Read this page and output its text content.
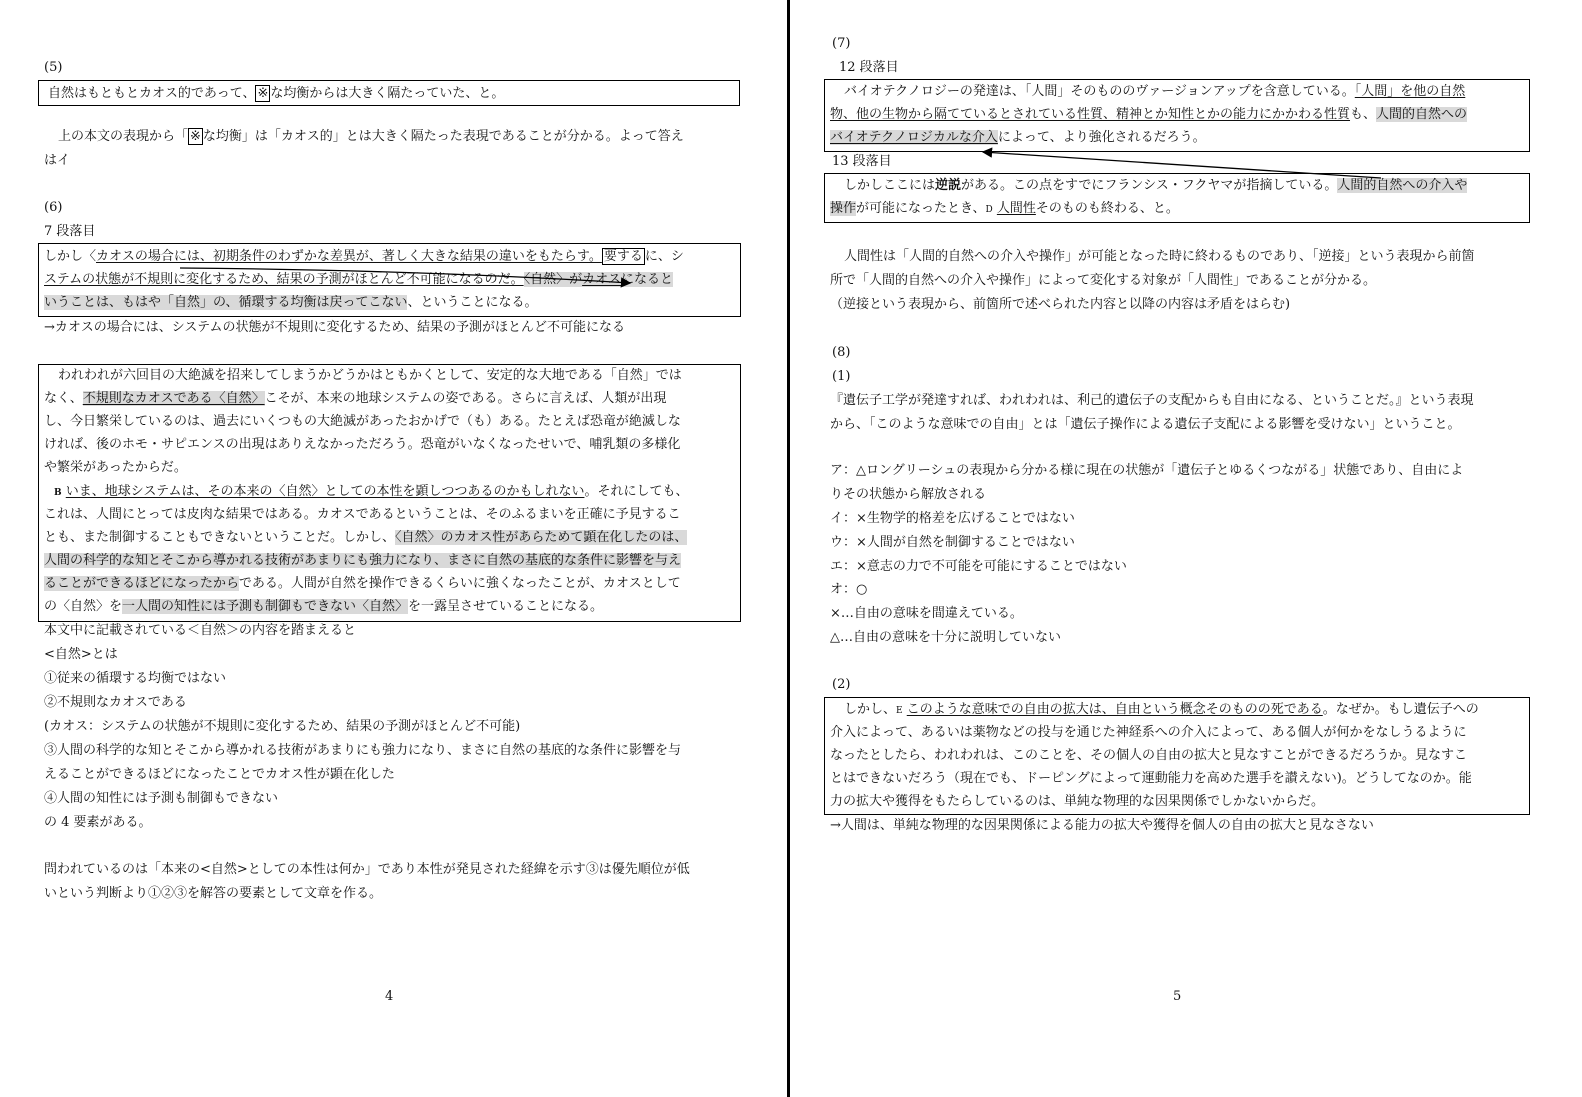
(5)

自然はもともとカオス的であって、 ※ な均衡からは大きく隔たっていた、と。

上の本文の表現から「 ※ な均衡」は「カオス的」とは大きく隔たった表現であることが分かる。よって答え

はイ

(6)

7 段落目

しかし〈カオスの場合には、初期条件のわずかな差異が、著しく大きな結果の違いをもたらす。 要する に、シ

ステムの状態が不規則に変化するため、結果の予測がほとんど不可能になるのだ。〈自然〉がカオスになると

いうことは、もはや「自然」の、循環する均衡は戻ってこない、ということになる。

→カオスの場合には、システムの状態が不規則に変化するため、結果の予測がほとんど不可能になる

われわれが六回目の大絶滅を招来してしまうかどうかはともかくとして、安定的な大地である「自然」では

なく、不規則なカオスである〈自然〉こそが、本来の地球システムの姿である。さらに言えば、人類が出現

し、今日繁栄しているのは、過去にいくつもの大絶滅があったおかげで（も）ある。たとえば恐竜が絶滅しな

ければ、後のホモ・サピエンスの出現はありえなかっただろう。恐竜がいなくなったせいで、哺乳類の多様化

や繁栄があったからだ。

B いま、地球システムは、その本来の〈自然〉としての本性を顕しつつあるのかもしれない。それにしても、

これは、人間にとっては皮肉な結果ではある。カオスであるということは、そのふるまいを正確に予見するこ

とも、また制御することもできないということだ。しかし、〈自然〉のカオス性があらためて顕在化したのは、

人間の科学的な知とそこから導かれる技術があまりにも強力になり、まさに自然の基底的な条件に影響を与え

ることができるほどになったからである。人間が自然を操作できるくらいに強くなったことが、カオスとして

の〈自然〉を一人間の知性には予測も制御もできない〈自然〉を一露呈させていることになる。

本文中に記載されている＜自然＞の内容を踏まえると

<自然>とは

①従来の循環する均衡ではない

②不規則なカオスである

(カオス：システムの状態が不規則に変化するため、結果の予測がほとんど不可能)

③人間の科学的な知とそこから導かれる技術があまりにも強力になり、まさに自然の基底的な条件に影響を与

えることができるほどになったことでカオス性が顕在化した

④人間の知性には予測も制御もできない

の 4 要素がある。

問われているのは「本来の<自然>としての本性は何か」であり本性が発見された経緯を示す③は優先順位が低

いという判断より①②③を解答の要素として文章を作る。

4

(7)

12 段落目

バイオテクノロジーの発達は、「人間」そのもののヴァージョンアップを含意している。「人間」を他の自然

物、他の生物から隔てているとされている性質、精神とか知性とかの能力にかかわる性質も、人間的自然への

バイオテクノロジカルな介入によって、より強化されるだろう。

13 段落目

しかしここには逆説がある。この点をすでにフランシス・フクヤマが指摘している。人間的自然への介入や

操作が可能になったとき、D 人間性そのものも終わる、と。

人間性は「人間的自然への介入や操作」が可能となった時に終わるものであり、「逆接」という表現から前箇

所で「人間的自然への介入や操作」によって変化する対象が「人間性」であることが分かる。

（逆接という表現から、前箇所で述べられた内容と以降の内容は矛盾をはらむ)

(8)

(1)

『遺伝子工学が発達すれば、われわれは、利己的遺伝子の支配からも自由になる、ということだ。』という表現

から、「このような意味での自由」とは「遺伝子操作による遺伝子支配による影響を受けない」ということ。

ア：△ロングリーシュの表現から分かる様に現在の状態が「遺伝子とゆるくつながる」状態であり、自由によ

りその状態から解放される

イ：×生物学的格差を広げることではない

ウ：×人間が自然を制御することではない

エ：×意志の力で不可能を可能にすることではない

オ：○

×…自由の意味を間違えている。

△…自由の意味を十分に説明していない

(2)

しかし、E このような意味での自由の拡大は、自由という概念そのものの死である。なぜか。もし遺伝子への

介入によって、あるいは薬物などの投与を通じた神経系への介入によって、ある個人が何かをなしうるように

なったとしたら、われわれは、このことを、その個人の自由の拡大と見なすことができるだろうか。見なすこ

とはできないだろう（現在でも、ドーピングによって運動能力を高めた選手を讃えない)。どうしてなのか。能

力の拡大や獲得をもたらしているのは、単純な物理的な因果関係でしかないからだ。

→人間は、単純な物理的な因果関係による能力の拡大や獲得を個人の自由の拡大と見なさない

5
